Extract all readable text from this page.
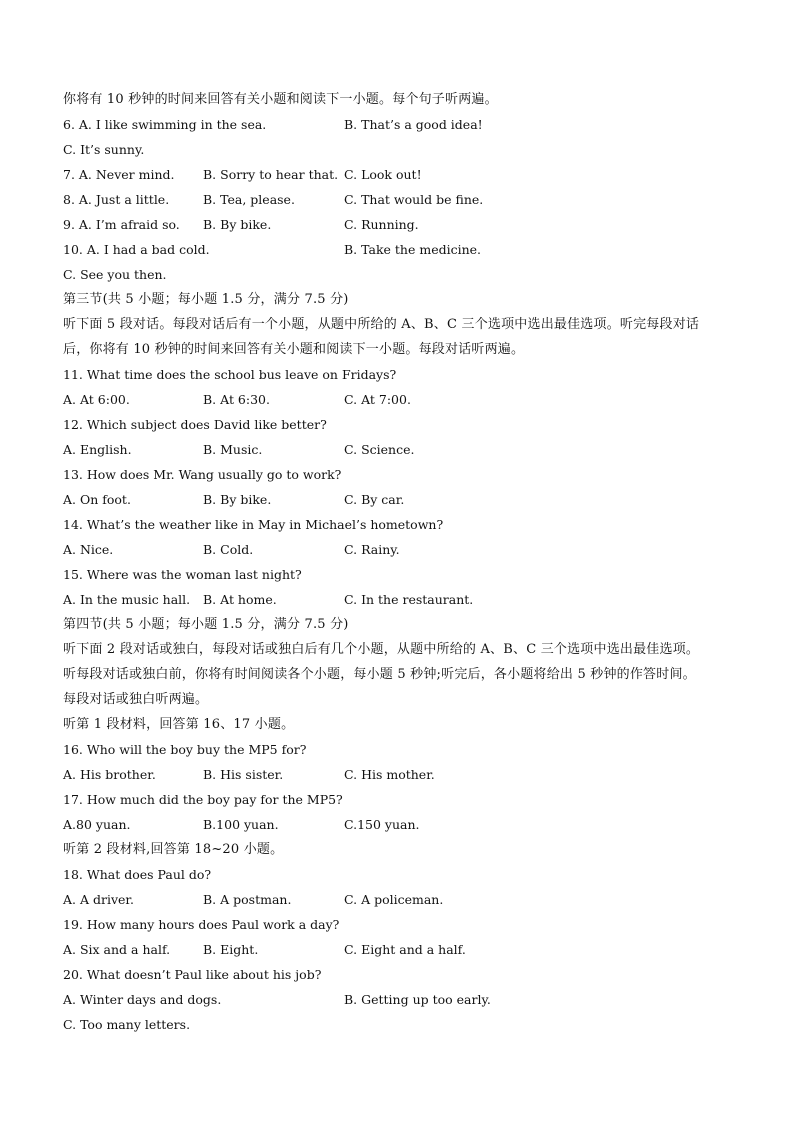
你将有 10 秒钟的时间来回答有关小题和阅读下一小题。每个句子听两遍。
6. A. I like swimming in the sea.	B. That’s a good idea!
C. It’s sunny.
7. A. Never mind. B. Sorry to hear that. C. Look out!
8. A. Just a little.	B. Tea, please.	C. That would be fine.
9. A. I’m afraid so. B. By bike.	C. Running.
10. A. I had a bad cold.	B. Take the medicine.
C. See you then.
第三节(共 5 小题；每小题 1.5 分，满分 7.5 分)
听下面 5 段对话。每段对话后有一个小题，从题中所给的 A、B、C 三个选项中选出最佳选项。听完每段对话
后，你将有 10 秒钟的时间来回答有关小题和阅读下一小题。每段对话听两遍。
11. What time does the school bus leave on Fridays?
A. At 6:00.	B. At 6:30.	C. At 7:00.
12. Which subject does David like better?
A. English.	B. Music.	C. Science.
13. How does Mr. Wang usually go to work?
A. On foot.	B. By bike.	C. By car.
14. What’s the weather like in May in Michael’s hometown?
A. Nice.	B. Cold.	C. Rainy.
15. Where was the woman last night?
A. In the music hall. B. At home.	C. In the restaurant.
第四节(共 5 小题；每小题 1.5 分，满分 7.5 分)
听下面 2 段对话或独白，每段对话或独白后有几个小题，从题中所给的 A、B、C 三个选项中选出最佳选项。
听每段对话或独白前，你将有时间阅读各个小题，每小题 5 秒钟;听完后，各小题将给出 5 秒钟的作答时间。
每段对话或独白听两遍。
听第 1 段材料，回答第 16、17 小题。
16. Who will the boy buy the MP5 for?
A. His brother.	B. His sister.	C. His mother.
17. How much did the boy pay for the MP5?
A.80 yuan.	B.100 yuan.	C.150 yuan.
听第 2 段材料,回答第 18~20 小题。
18. What does Paul do?
A. A driver.	B. A postman.	C. A policeman.
19. How many hours does Paul work a day?
A. Six and a half.	B. Eight.	C. Eight and a half.
20. What doesn’t Paul like about his job?
A. Winter days and dogs.	B. Getting up too early.
C. Too many letters.
